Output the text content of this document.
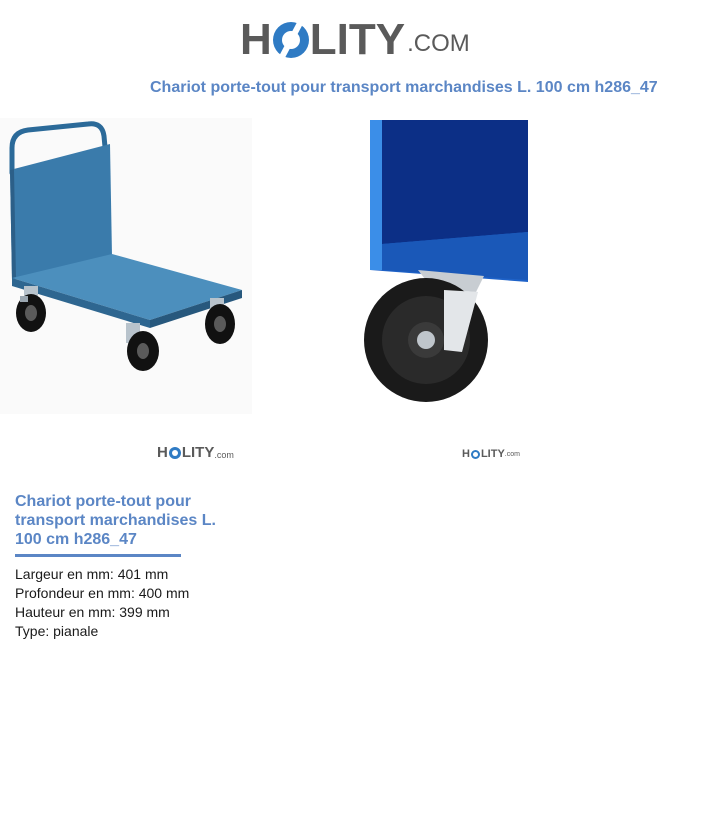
H LITY .COM
Chariot porte-tout pour transport marchandises L. 100 cm h286_47
H LITY .com	H LITY .com
Chariot porte-tout pour transport marchandises L. 100 cm h286_47
Largeur en mm: 401 mm
Profondeur en mm: 400 mm
Hauteur en mm: 399 mm
Type: pianale
